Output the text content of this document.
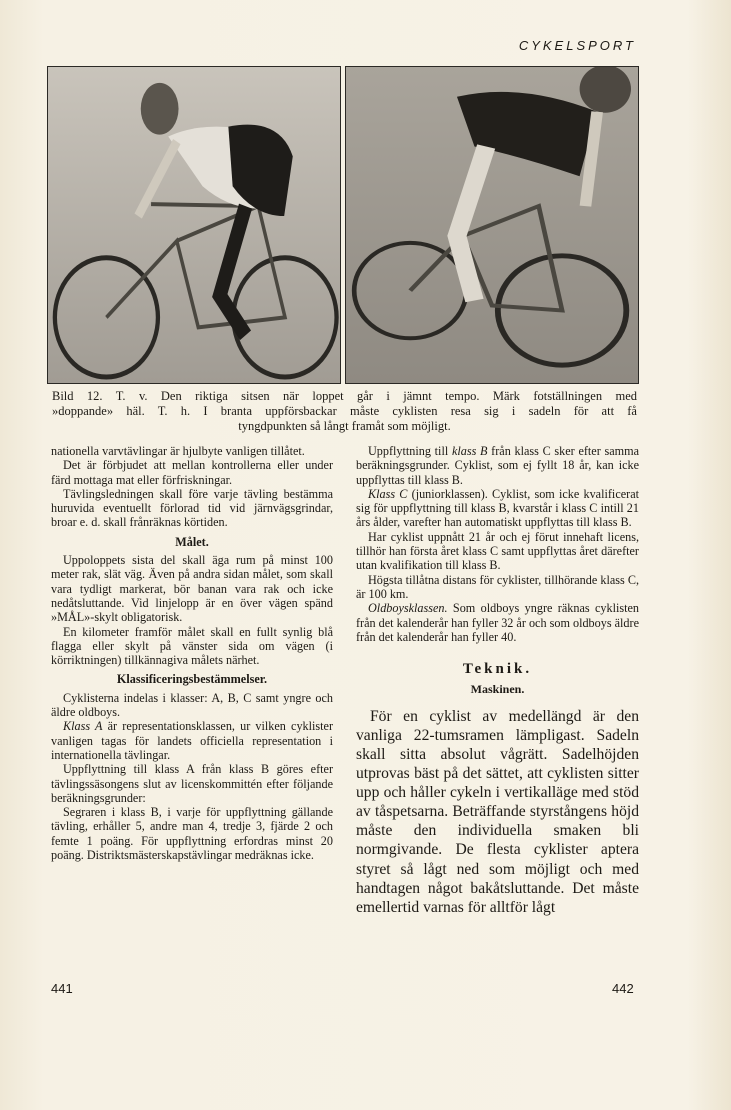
CYKELSPORT

Bild 12. T. v. Den riktiga sitsen när loppet går i jämnt tempo. Märk fotställningen med

»doppande» häl. T. h. I branta uppförsbackar måste cyklisten resa sig i sadeln för att få

tyngdpunkten så långt framåt som möjligt.

nationella varvtävlingar är hjulbyte vanligen tillåtet.

Det är förbjudet att mellan kontrollerna eller under färd mottaga mat eller förfriskningar.

Tävlingsledningen skall före varje tävling bestämma huruvida eventuellt förlorad tid vid järnvägsgrindar, broar e. d. skall frånräknas körtiden.

Målet.

Uppoloppets sista del skall äga rum på minst 100 meter rak, slät väg. Även på andra sidan målet, som skall vara tydligt markerat, bör banan vara rak och icke nedåtsluttande. Vid linjelopp är en över vägen spänd »MÅL»-skylt obligatorisk.

En kilometer framför målet skall en fullt synlig blå flagga eller skylt på vänster sida om vägen (i körriktningen) tillkännagiva målets närhet.

Klassificeringsbestämmelser.

Cyklisterna indelas i klasser: A, B, C samt yngre och äldre oldboys.

Klass A är representationsklassen, ur vilken cyklister vanligen tagas för landets officiella representation i internationella tävlingar.

Uppflyttning till klass A från klass B göres efter tävlingssäsongens slut av licenskommittén efter följande beräkningsgrunder:

Segraren i klass B, i varje för uppflyttning gällande tävling, erhåller 5, andre man 4, tredje 3, fjärde 2 och femte 1 poäng. För uppflyttning erfordras minst 20 poäng. Distriktsmästerskapstävlingar medräknas icke.

Uppflyttning till klass B från klass C sker efter samma beräkningsgrunder. Cyklist, som ej fyllt 18 år, kan icke uppflyttas till klass B.

Klass C (juniorklassen). Cyklist, som icke kvalificerat sig för uppflyttning till klass B, kvarstår i klass C intill 21 års ålder, varefter han automatiskt uppflyttas till klass B.

Har cyklist uppnått 21 år och ej förut innehaft licens, tillhör han första året klass C samt uppflyttas året därefter utan kvalifikation till klass B.

Högsta tillåtna distans för cyklister, tillhörande klass C, är 100 km.

Oldboysklassen. Som oldboys yngre räknas cyklisten från det kalenderår han fyller 32 år och som oldboys äldre från det kalenderår han fyller 40.

Teknik.
Maskinen.

För en cyklist av medellängd är den vanliga 22-tumsramen lämpligast. Sadeln skall sitta absolut vågrätt. Sadelhöjden utprovas bäst på det sättet, att cyklisten sitter upp och håller cykeln i vertikalläge med stöd av tåspetsarna. Beträffande styrstångens höjd måste den individuella smaken bli normgivande. De flesta cyklister aptera styret så lågt ned som möjligt och med handtagen något bakåtsluttande. Det måste emellertid varnas för alltför lågt

441	442
